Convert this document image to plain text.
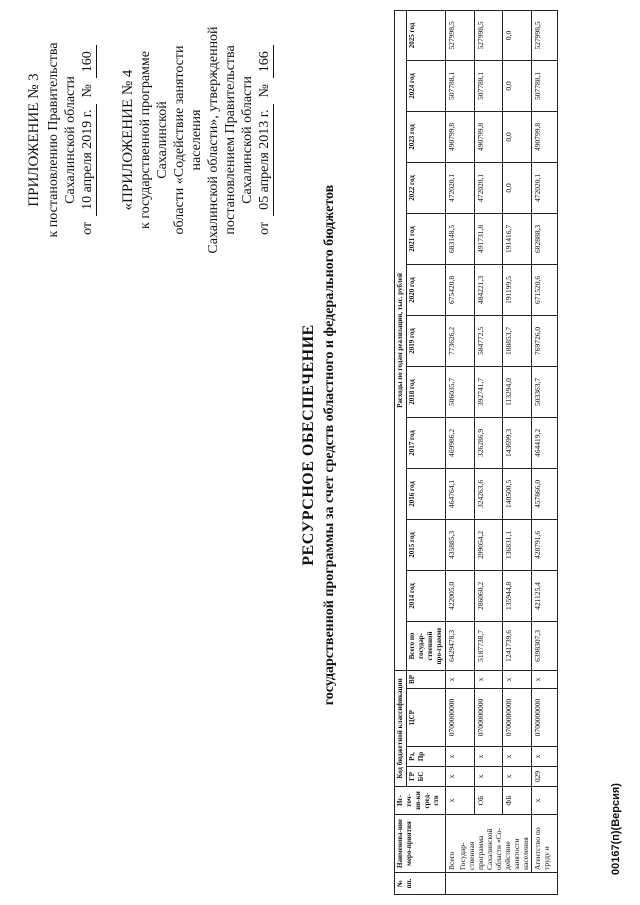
ПРИЛОЖЕНИЕ № 3 к постановлению Правительства Сахалинской области
от
10 апреля 2019 г.
№
160
«ПРИЛОЖЕНИЕ № 4 к государственной программе Сахалинской области «Содействие занятости населения Сахалинской области», утвержденной постановлением Правительства Сахалинской области
от
05 апреля 2013 г.
№
166
РЕСУРСНОЕ ОБЕСПЕЧЕНИЕ государственной программы за счет средств областного и федерального бюджетов
№ пп.	Наименова-ние меро-приятия	Ис-точ-ни-ки сред-ств	Код бюджетной классификации				Расходы по годам реализации, тыс. рублей												
			ГР БС	Рз, Пр	ЦСР	ВР	Всего по государ-ственной про-грамме	2014 год	2015 год	2016 год	2017 год	2018 год	2019 год	2020 год	2021 год	2022 год	2023 год	2024 год	2025 год

	Всего Государ-ственная программа Сахалинской области «Со-действие занятости населения	х	х	х	0700000000	х	6429478,3	422005,0	435885,3	464764,1	469986,2	506035,7	773626,2	675420,8	683148,5	472020,1	490799,8	507788,1	527998,5
		ОБ	х	х	0700000000	х	5187738,7	286060,2	299054,2	324263,6	326286,9	392741,7	584772,5	484221,3	491731,8	472020,1	490799,8	507788,1	527998,5
		ФБ	х	х	0700000000	х	1241739,6	135944,8	136831,1	140500,5	143699,3	113294,0	188853,7	191199,5	191416,7	0,0	0,0	0,0	0,0
	Агентство по труду и	х	029	х	0700000000	х	6398307,3	421125,4	428791,6	457866,0	464419,2	503363,7	769726,0	671520,6	682888,3	472020,1	490799,8	507788,1	527998,5
00167(п)(Версия)
